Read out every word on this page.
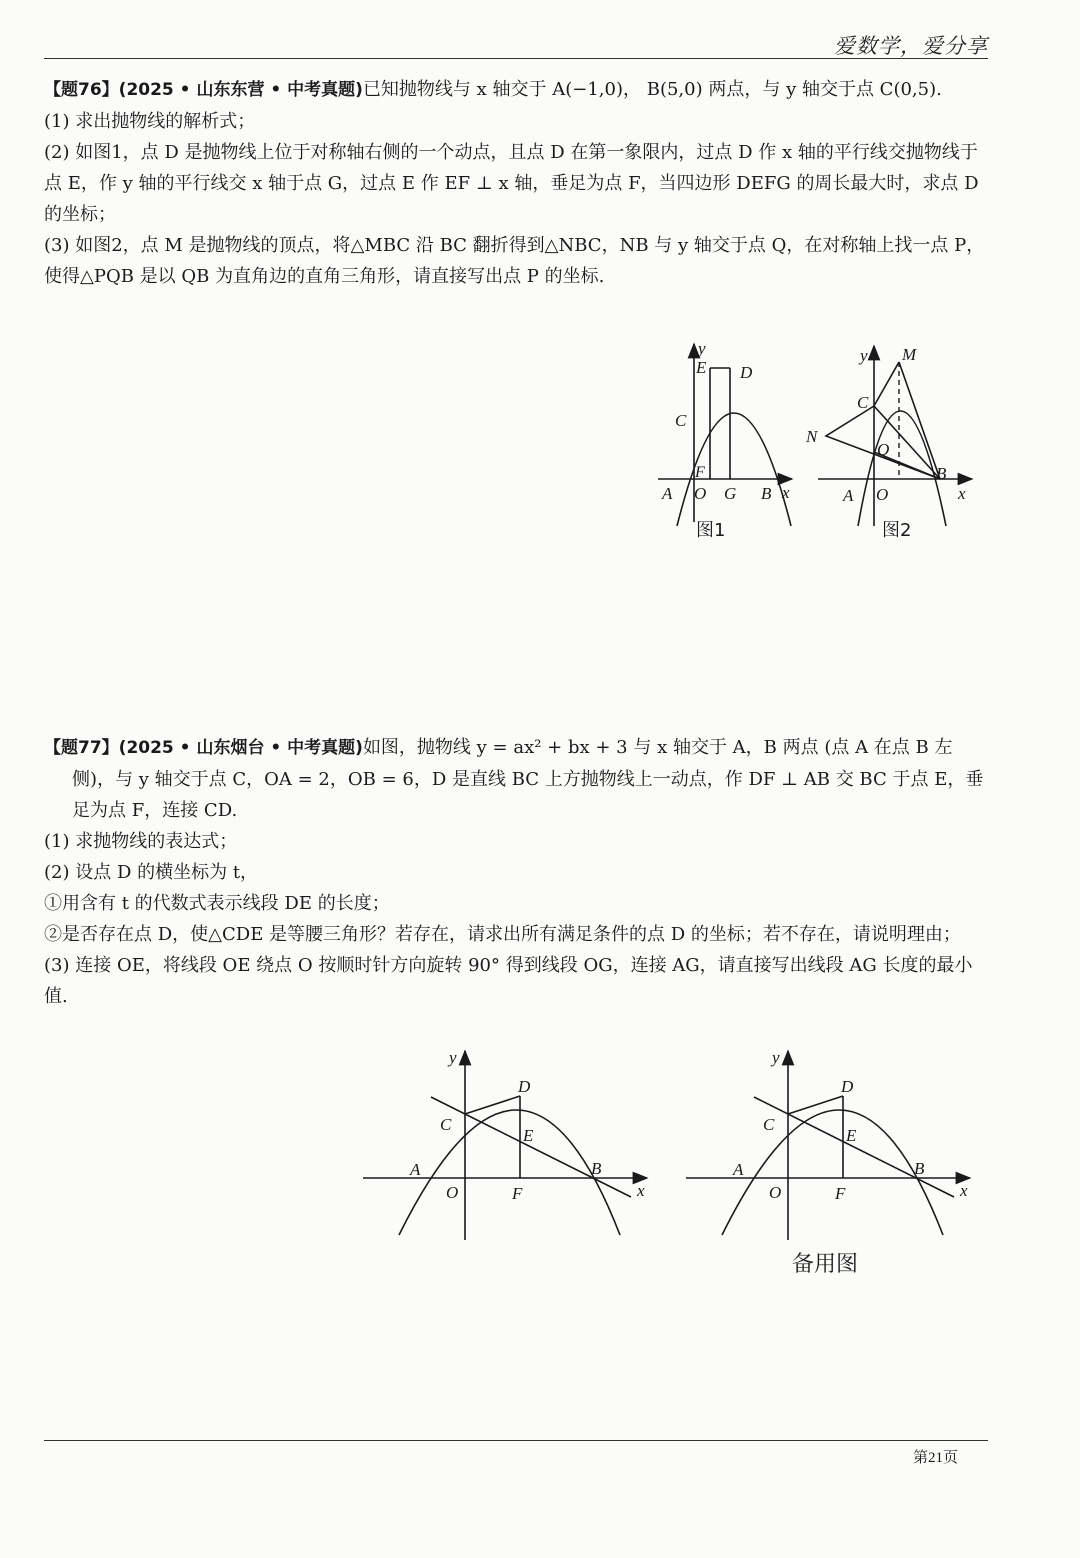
爱数学，爱分享

【题76】(2025 • 山东东营 • 中考真题)已知抛物线与 x 轴交于 A(−1,0)， B(5,0) 两点，与 y 轴交于点 C(0,5).

(1) 求出抛物线的解析式；

(2) 如图1，点 D 是抛物线上位于对称轴右侧的一个动点，且点 D 在第一象限内，过点 D 作 x 轴的平行线交抛物线于点 E，作 y 轴的平行线交 x 轴于点 G，过点 E 作 EF ⊥ x 轴，垂足为点 F，当四边形 DEFG 的周长最大时，求点 D 的坐标；

(3) 如图2，点 M 是抛物线的顶点，将△MBC 沿 BC 翻折得到△NBC，NB 与 y 轴交于点 Q，在对称轴上找一点 P，使得△PQB 是以 QB 为直角边的直角三角形，请直接写出点 P 的坐标.

y
E D
C
F
A O G B x
图1
y M
C
N
Q
A O
B
x
图2

【题77】(2025 • 山东烟台 • 中考真题)如图，抛物线 y = ax² + bx + 3 与 x 轴交于 A，B 两点 (点 A 在点 B 左侧)，与 y 轴交于点 C，OA = 2，OB = 6，D 是直线 BC 上方抛物线上一动点，作 DF ⊥ AB 交 BC 于点 E，垂足为点 F，连接 CD.

(1) 求抛物线的表达式；

(2) 设点 D 的横坐标为 t，

①用含有 t 的代数式表示线段 DE 的长度；

②是否存在点 D，使△CDE 是等腰三角形？若存在，请求出所有满足条件的点 D 的坐标；若不存在，请说明理由；

(3) 连接 OE，将线段 OE 绕点 O 按顺时针方向旋转 90° 得到线段 OG，连接 AG，请直接写出线段 AG 长度的最小值.

y
D
C
E
A	B
O	F	x
y
D
C
E
A	B
O	F	x
备用图
第21页
